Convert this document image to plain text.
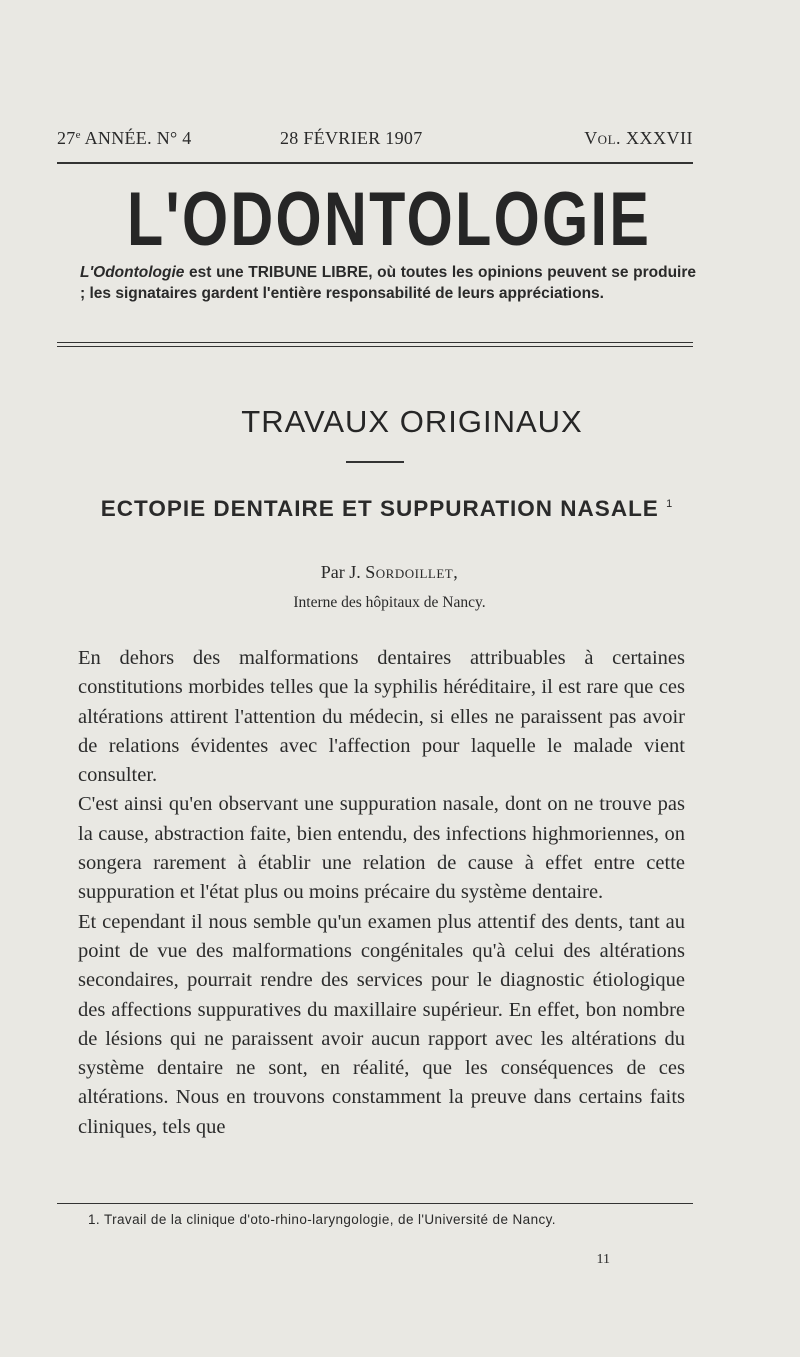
27e ANNÉE. N° 4	28 FÉVRIER 1907	Vol. XXXVII
L'ODONTOLOGIE
L'Odontologie est une TRIBUNE LIBRE, où toutes les opinions peuvent se produire ; les signataires gardent l'entière responsabilité de leurs appréciations.
TRAVAUX ORIGINAUX
ECTOPIE DENTAIRE ET SUPPURATION NASALE $^1$
Par J. Sordoillet,
Interne des hôpitaux de Nancy.

En dehors des malformations dentaires attribuables à certaines constitutions morbides telles que la syphilis héréditaire, il est rare que ces altérations attirent l'attention du médecin, si elles ne paraissent pas avoir de relations évidentes avec l'affection pour laquelle le malade vient consulter.

C'est ainsi qu'en observant une suppuration nasale, dont on ne trouve pas la cause, abstraction faite, bien entendu, des infections highmoriennes, on songera rarement à établir une relation de cause à effet entre cette suppuration et l'état plus ou moins précaire du système dentaire.

Et cependant il nous semble qu'un examen plus attentif des dents, tant au point de vue des malformations congénitales qu'à celui des altérations secondaires, pourrait rendre des services pour le diagnostic étiologique des affections suppuratives du maxillaire supérieur. En effet, bon nombre de lésions qui ne paraissent avoir aucun rapport avec les altérations du système dentaire ne sont, en réalité, que les conséquences de ces altérations. Nous en trouvons constamment la preuve dans certains faits cliniques, tels que

1. Travail de la clinique d'oto-rhino-laryngologie, de l'Université de Nancy.
11
